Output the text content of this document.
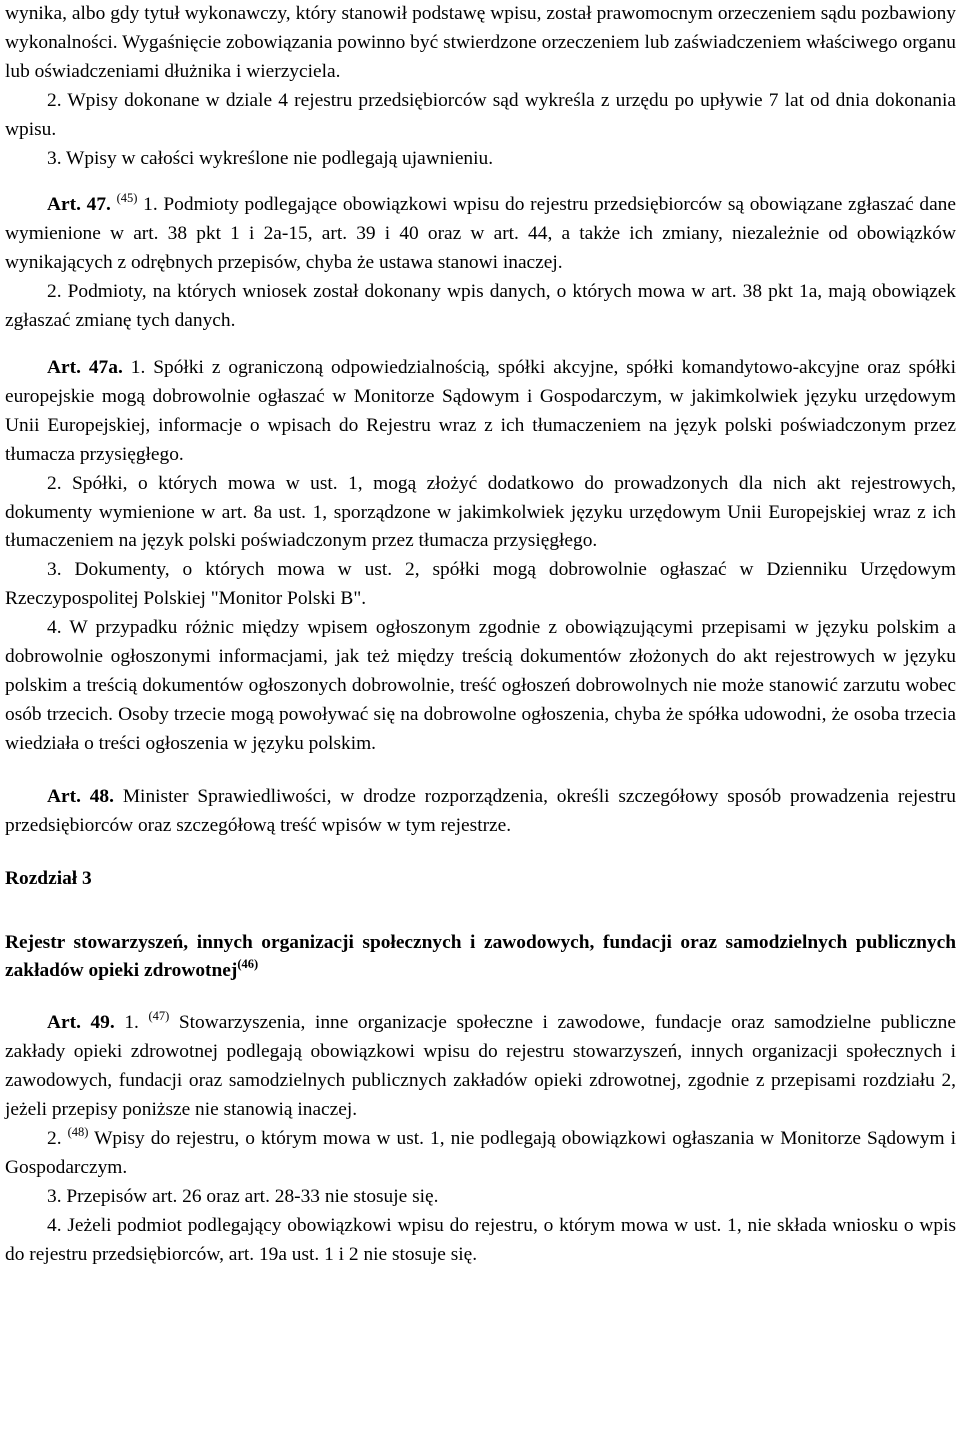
wynika, albo gdy tytuł wykonawczy, który stanowił podstawę wpisu, został prawomocnym orzeczeniem sądu pozbawiony wykonalności. Wygaśnięcie zobowiązania powinno być stwierdzone orzeczeniem lub zaświadczeniem właściwego organu lub oświadczeniami dłużnika i wierzyciela.

2. Wpisy dokonane w dziale 4 rejestru przedsiębiorców sąd wykreśla z urzędu po upływie 7 lat od dnia dokonania wpisu.

3. Wpisy w całości wykreślone nie podlegają ujawnieniu.

Art. 47. $^{(45)}$ 1. Podmioty podlegające obowiązkowi wpisu do rejestru przedsiębiorców są obowiązane zgłaszać dane wymienione w art. 38 pkt 1 i 2a-15, art. 39 i 40 oraz w art. 44, a także ich zmiany, niezależnie od obowiązków wynikających z odrębnych przepisów, chyba że ustawa stanowi inaczej.

2. Podmioty, na których wniosek został dokonany wpis danych, o których mowa w art. 38 pkt 1a, mają obowiązek zgłaszać zmianę tych danych.

Art. 47a. 1. Spółki z ograniczoną odpowiedzialnością, spółki akcyjne, spółki komandytowo-akcyjne oraz spółki europejskie mogą dobrowolnie ogłaszać w Monitorze Sądowym i Gospodarczym, w jakimkolwiek języku urzędowym Unii Europejskiej, informacje o wpisach do Rejestru wraz z ich tłumaczeniem na język polski poświadczonym przez tłumacza przysięgłego.

2. Spółki, o których mowa w ust. 1, mogą złożyć dodatkowo do prowadzonych dla nich akt rejestrowych, dokumenty wymienione w art. 8a ust. 1, sporządzone w jakimkolwiek języku urzędowym Unii Europejskiej wraz z ich tłumaczeniem na język polski poświadczonym przez tłumacza przysięgłego.

3. Dokumenty, o których mowa w ust. 2, spółki mogą dobrowolnie ogłaszać w Dzienniku Urzędowym Rzeczypospolitej Polskiej "Monitor Polski B".

4. W przypadku różnic między wpisem ogłoszonym zgodnie z obowiązującymi przepisami w języku polskim a dobrowolnie ogłoszonymi informacjami, jak też między treścią dokumentów złożonych do akt rejestrowych w języku polskim a treścią dokumentów ogłoszonych dobrowolnie, treść ogłoszeń dobrowolnych nie może stanowić zarzutu wobec osób trzecich. Osoby trzecie mogą powoływać się na dobrowolne ogłoszenia, chyba że spółka udowodni, że osoba trzecia wiedziała o treści ogłoszenia w języku polskim.

Art. 48. Minister Sprawiedliwości, w drodze rozporządzenia, określi szczegółowy sposób prowadzenia rejestru przedsiębiorców oraz szczegółową treść wpisów w tym rejestrze.

Rozdział 3

Rejestr stowarzyszeń, innych organizacji społecznych i zawodowych, fundacji oraz samodzielnych publicznych zakładów opieki zdrowotnej$^{(46)}$

Art. 49. 1. $^{(47)}$ Stowarzyszenia, inne organizacje społeczne i zawodowe, fundacje oraz samodzielne publiczne zakłady opieki zdrowotnej podlegają obowiązkowi wpisu do rejestru stowarzyszeń, innych organizacji społecznych i zawodowych, fundacji oraz samodzielnych publicznych zakładów opieki zdrowotnej, zgodnie z przepisami rozdziału 2, jeżeli przepisy poniższe nie stanowią inaczej.

2. $^{(48)}$ Wpisy do rejestru, o którym mowa w ust. 1, nie podlegają obowiązkowi ogłaszania w Monitorze Sądowym i Gospodarczym.

3. Przepisów art. 26 oraz art. 28-33 nie stosuje się.

4. Jeżeli podmiot podlegający obowiązkowi wpisu do rejestru, o którym mowa w ust. 1, nie składa wniosku o wpis do rejestru przedsiębiorców, art. 19a ust. 1 i 2 nie stosuje się.
